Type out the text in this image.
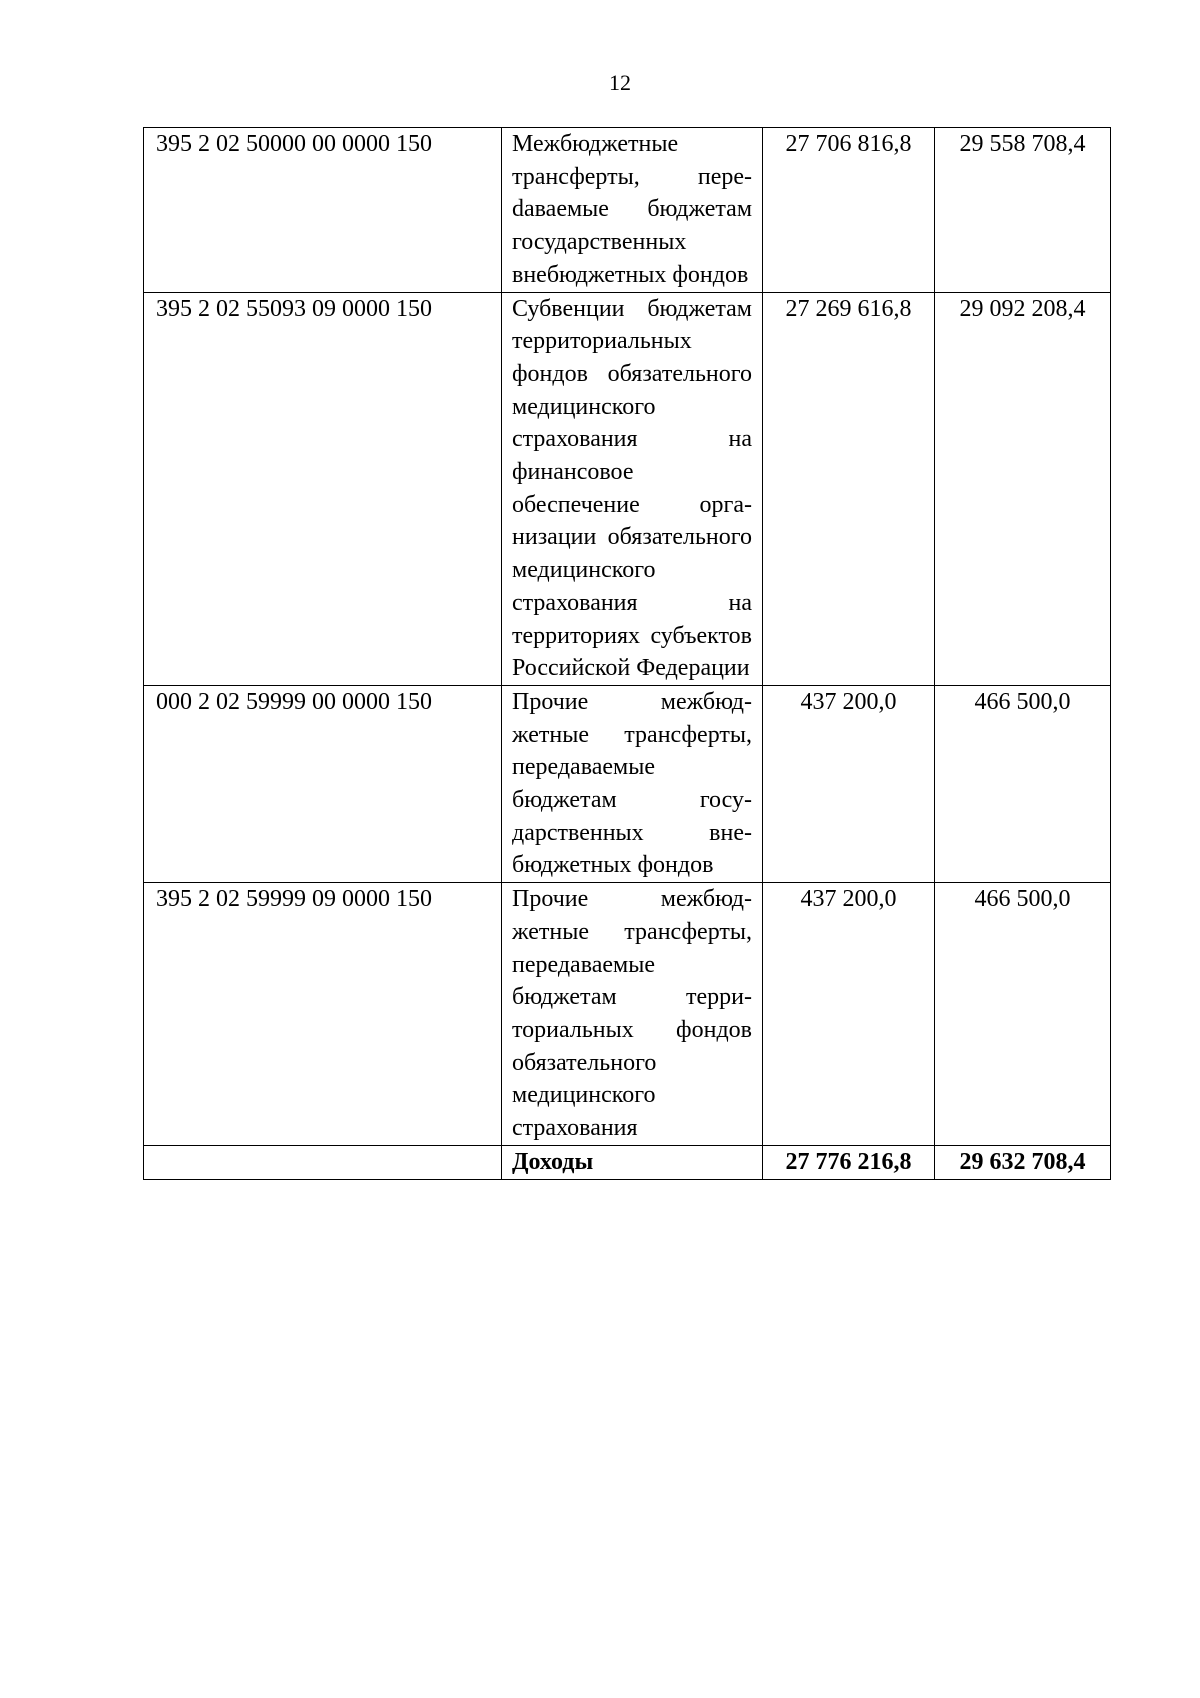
12
395 2 02 50000 00 0000 150	Межбюджетные трансферты, переdаваемые бюджетам государственных внебюджетных фондов	27 706 816,8	29 558 708,4
395 2 02 55093 09 0000 150	Субвенции бюджетам территориальных фондов обязательного медицинского страхования на финансовое обеспечение организации обязательного медицинского страхования на территориях субъектов Российской Федерации	27 269 616,8	29 092 208,4
000 2 02 59999 00 0000 150	Прочие межбюджетные трансферты, передаваемые бюджетам государственных внебюджетных фондов	437 200,0	466 500,0
395 2 02 59999 09 0000 150	Прочие межбюджетные трансферты, передаваемые бюджетам территориальных фондов обязательного медицинского страхования	437 200,0	466 500,0
	Доходы	27 776 216,8	29 632 708,4
